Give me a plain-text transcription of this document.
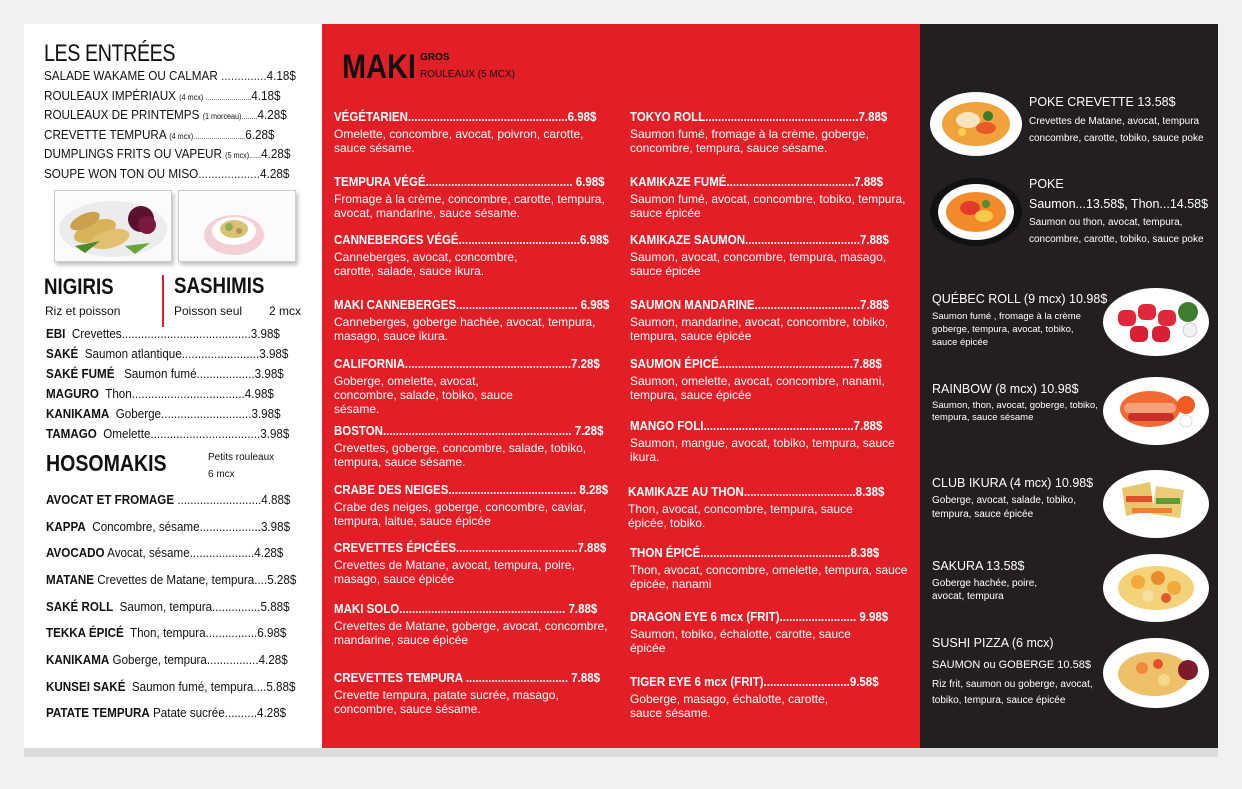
LES ENTRÉES
SALADE WAKAME OU CALMAR ..............4.18$
ROULEAUX IMPÉRIAUX (4 mcx) .......................4.18$
ROULEAUX DE PRINTEMPS (1 morceau)........4.28$
CREVETTE TEMPURA (4 mcx)..........................6.28$
DUMPLINGS FRITS OU VAPEUR (5 mcx)......4.28$
SOUPE WON TON OU MISO...................4.28$
NIGIRIS
Riz et poisson
SASHIMIS
Poisson seul 2 mcx
EBI Crevettes........................................3.98$
SAKÉ Saumon atlantique........................3.98$
SAKÉ FUMÉ Saumon fumé..................3.98$
MAGURO Thon...................................4.98$
KANIKAMA Goberge............................3.98$
TAMAGO Omelette..................................3.98$
HOSOMAKIS	Petits rouleaux
6 mcx
AVOCAT ET FROMAGE ..........................4.88$
KAPPA Concombre, sésame...................3.98$
AVOCADO Avocat, sésame....................4.28$
MATANE Crevettes de Matane, tempura....5.28$
SAKÉ ROLL Saumon, tempura...............5.88$
TEKKA ÉPICÉ Thon, tempura................6.98$
KANIKAMA Goberge, tempura................4.28$
KUNSEI SAKÉ Saumon fumé, tempura....5.88$
PATATE TEMPURA Patate sucrée..........4.28$
MAKI GROS
ROULEAUX (5 MCX)
VÉGÉTARIEN..................................................6.98$
Omelette, concombre, avocat, poivron, carotte, sauce sésame.
TEMPURA VÉGÉ.............................................. 6.98$
Fromage à la crème, concombre, carotte, tempura, avocat, mandarine, sauce sésame.
CANNEBERGES VÉGÉ......................................6.98$
Canneberges, avocat, concombre, carotte, salade, sauce ikura.
MAKI CANNEBERGES...................................... 6.98$
Canneberges, goberge hachée, avocat, tempura, masago, sauce ikura.
CALIFORNIA....................................................7.28$
Goberge, omelette, avocat, concombre, salade, tobiko, sauce sésame.
BOSTON........................................................... 7.28$
Crevettes, goberge, concombre, salade, tobiko, tempura, sauce sésame.
CRABE DES NEIGES........................................ 8.28$
Crabe des neiges, goberge, concombre, caviar, tempura, laitue, sauce épicée
CREVETTES ÉPICÉES......................................7.88$
Crevettes de Matane, avocat, tempura, poire, masago, sauce épicée
MAKI SOLO.................................................... 7.88$
Crevettes de Matane, goberge, avocat, concombre, mandarine, sauce épicée
CREVETTES TEMPURA ................................ 7.88$
Crevette tempura, patate sucrée, masago, concombre, sauce sésame.
TOKYO ROLL................................................7.88$
Saumon fumé, fromage à la crème, goberge, concombre, tempura, sauce sésame.
KAMIKAZE FUMÉ........................................7.88$
Saumon fumé, avocat, concombre, tobiko, tempura, sauce épicée
KAMIKAZE SAUMON....................................7.88$
Saumon, avocat, concombre, tempura, masago, sauce épicée
SAUMON MANDARINE.................................7.88$
Saumon, mandarine, avocat, concombre, tobiko, tempura, sauce épicée
SAUMON ÉPICÉ..........................................7.88$
Saumon, omelette, avocat, concombre, nanami, tempura, sauce épicée
MANGO FOLI...............................................7.88$
Saumon, mangue, avocat, tobiko, tempura, sauce ikura.
KAMIKAZE AU THON...................................8.38$
Thon, avocat, concombre, tempura, sauce épicée, tobiko.
THON ÉPICÉ...............................................8.38$
Thon, avocat, concombre, omelette, tempura, sauce épicée, nanami
DRAGON EYE 6 mcx (FRIT)........................ 9.98$
Saumon, tobiko, échalotte, carotte, sauce épicée
TIGER EYE 6 mcx (FRIT)...........................9.58$
Goberge, masago, échalotte, carotte, sauce sésame.
POKE CREVETTE 13.58$
Crevettes de Matane, avocat, tempura concombre, carotte, tobiko, sauce poke
POKE
Saumon...13.58$, Thon...14.58$
Saumon ou thon, avocat, tempura, concombre, carotte, tobiko, sauce poke
QUÉBEC ROLL (9 mcx) 10.98$
Saumon fumé , fromage à la crème goberge, tempura, avocat, tobiko, sauce épicée
RAINBOW (8 mcx) 10.98$
Saumon, thon, avocat, goberge, tobiko, tempura, sauce sésame
CLUB IKURA (4 mcx) 10.98$
Goberge, avocat, salade, tobiko, tempura, sauce épicée
SAKURA 13.58$
Goberge hachée, poire, avocat, tempura
SUSHI PIZZA (6 mcx)
SAUMON ou GOBERGE 10.58$
Riz frit, saumon ou goberge, avocat, tobiko, tempura, sauce épicée
